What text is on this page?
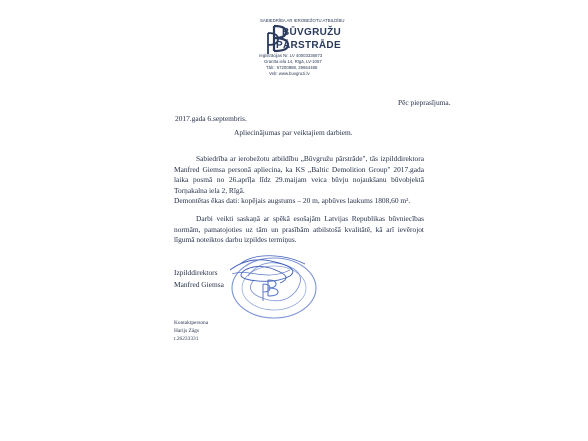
SABIEDRĪBA AR IEROBEŽOTU ATBILDĪBU
BŪVGRUŽU
PĀRSTRĀDE
reģistrācijas Nr. LV 40003336873
Granīta iela 14, Rīgā, LV-1057
Tālr.: 67200888, 29654488
Veb: www.buvgruzi.lv
Pēc pieprasījuma.
2017.gada 6.septembris.
Apliecinājumas par veiktajiem darbiem.
Sabiedrība ar ierobežotu atbildību „Būvgružu pārstrāde", tās izpilddirektora Manfred Giemsa personā apliecina, ka KS „Baltic Demolition Group" 2017.gada laika posmā no 26.aprīļa līdz 29.maijam veica būvju nojaukšanu būvobjektā Torņakalna iela 2, Rīgā.
Demontētas ēkas dati: kopējais augstums – 20 m, apbūves laukums 1808,60 m².
Darbi veikti saskaņā ar spēkā esošajām Latvijas Republikas būvniecības normām, pamatojoties uz tām un prasībām atbilstošā kvalitātē, kā arī ievērojot līgumā noteiktos darbu izpildes termiņus.
Izpilddirektors
Manfred Giemsa
Kontaktpersona
Harijs Zāgs
t.26233331
